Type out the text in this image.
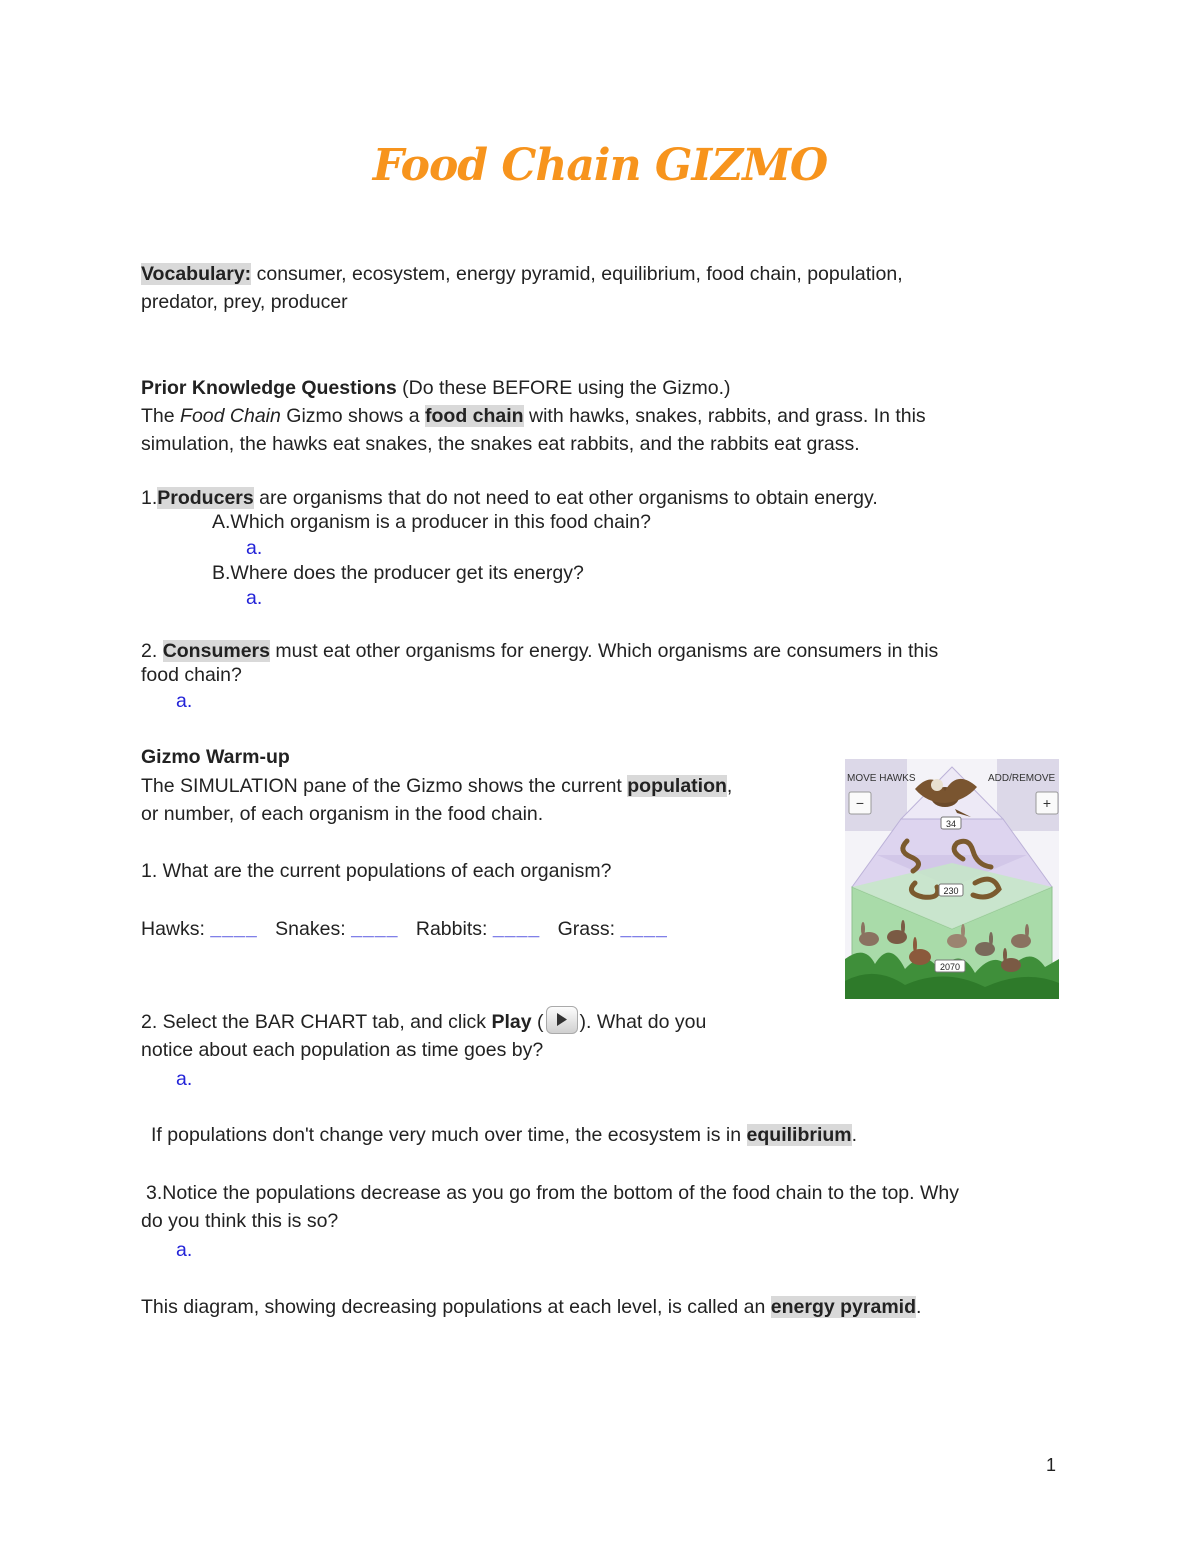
Food Chain GIZMO
Vocabulary: consumer, ecosystem, energy pyramid, equilibrium, food chain, population,
predator, prey, producer
Prior Knowledge Questions (Do these BEFORE using the Gizmo.)
The Food Chain Gizmo shows a food chain with hawks, snakes, rabbits, and grass. In this
simulation, the hawks eat snakes, the snakes eat rabbits, and the rabbits eat grass.
1.Producers are organisms that do not need to eat other organisms to obtain energy.
A.Which organism is a producer in this food chain?
a.
B.Where does the producer get its energy?
a.
2. Consumers must eat other organisms for energy. Which organisms are consumers in this
food chain?
a.
Gizmo Warm-up
The SIMULATION pane of the Gizmo shows the current population,
or number, of each organism in the food chain.
1. What are the current populations of each organism?
Hawks: ____ Snakes: ____ Rabbits: ____ Grass: ____
2. Select the BAR CHART tab, and click Play ( ). What do you
notice about each population as time goes by?
a.
If populations don't change very much over time, the ecosystem is in equilibrium.
3.Notice the populations decrease as you go from the bottom of the food chain to the top. Why
do you think this is so?
a.
This diagram, showing decreasing populations at each level, is called an energy pyramid.
MOVE HAWKS	ADD/REMOVE
−	+
34
230
2070
1
